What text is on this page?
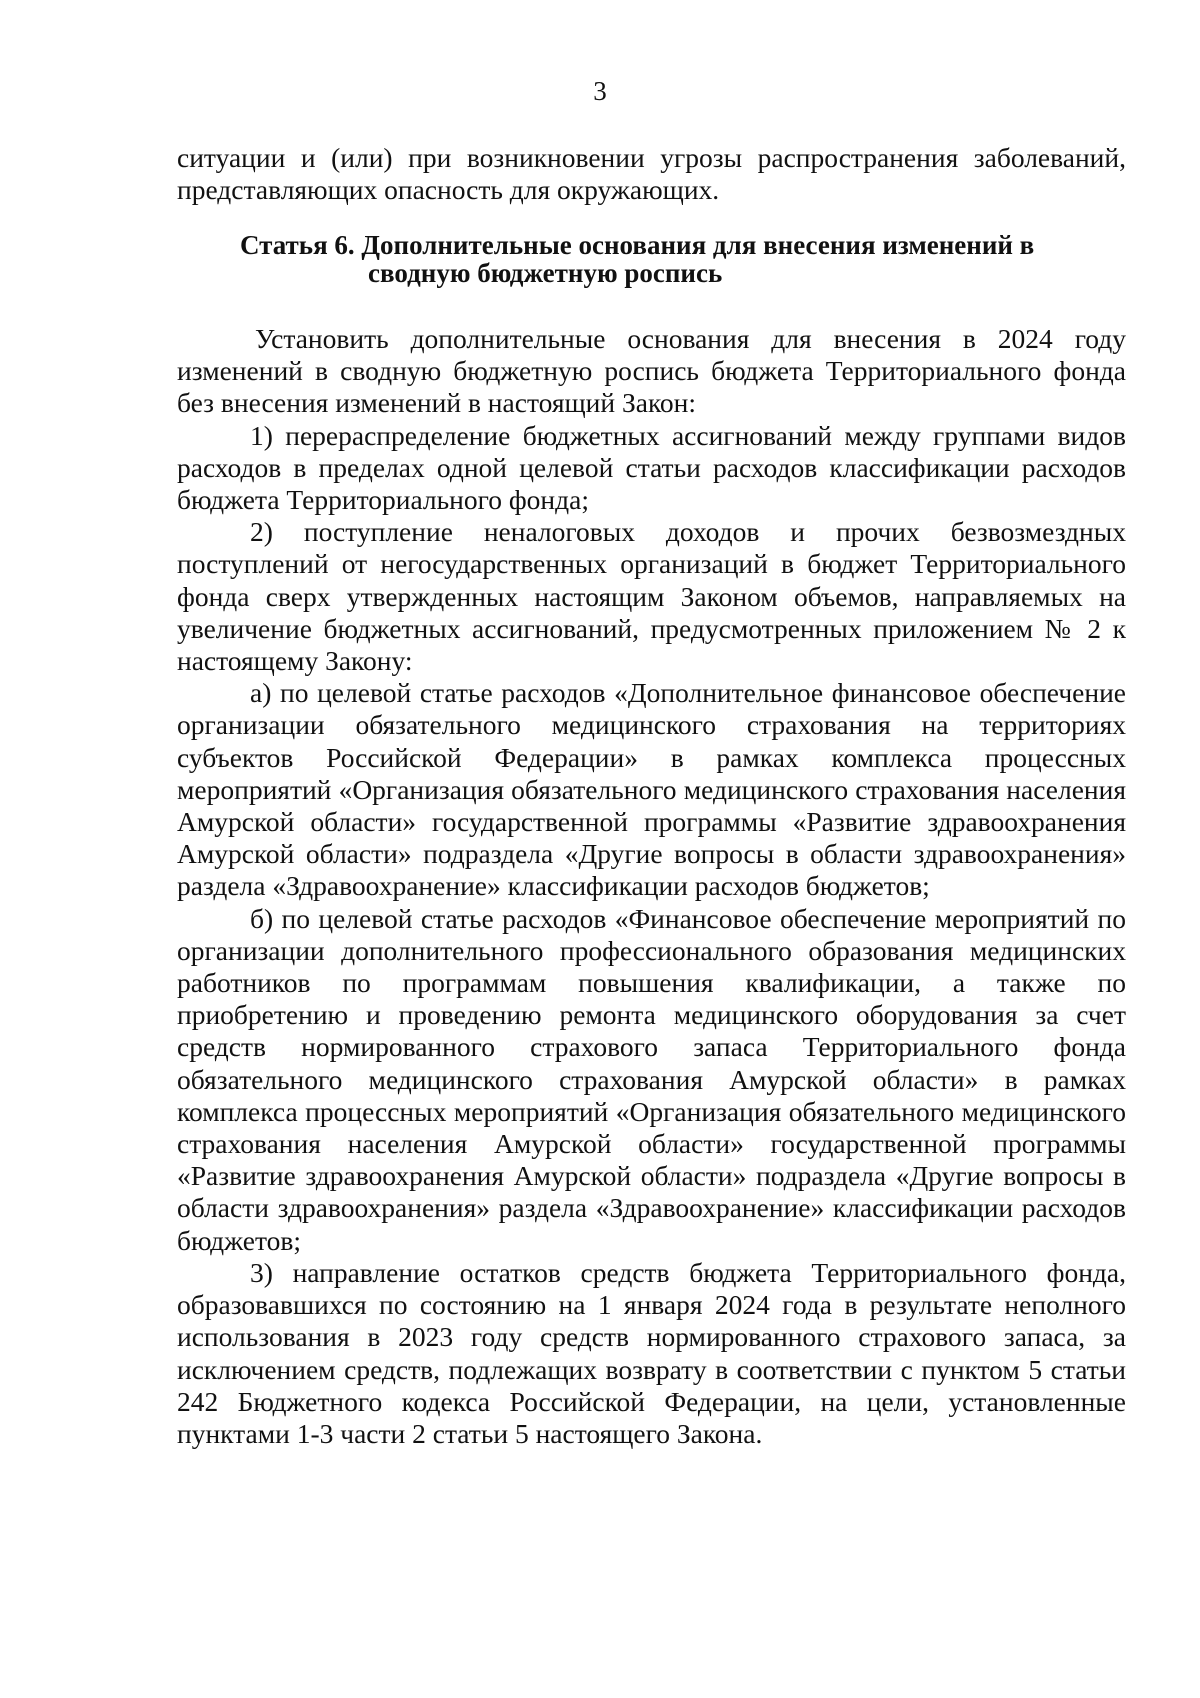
3
ситуации и (или) при возникновении угрозы распространения заболеваний, представляющих опасность для окружающих.
Статья 6. Дополнительные основания для внесения изменений в
сводную бюджетную роспись

Установить дополнительные основания для внесения в 2024 году изменений в сводную бюджетную роспись бюджета Территориального фонда без внесения изменений в настоящий Закон:

1) перераспределение бюджетных ассигнований между группами видов расходов в пределах одной целевой статьи расходов классификации расходов бюджета Территориального фонда;

2) поступление неналоговых доходов и прочих безвозмездных поступлений от негосударственных организаций в бюджет Территориального фонда сверх утвержденных настоящим Законом объемов, направляемых на увеличение бюджетных ассигнований, предусмотренных приложением № 2 к настоящему Закону:

а) по целевой статье расходов «Дополнительное финансовое обеспечение организации обязательного медицинского страхования на территориях субъектов Российской Федерации» в рамках комплекса процессных мероприятий «Организация обязательного медицинского страхования населения Амурской области» государственной программы «Развитие здравоохранения Амурской области» подраздела «Другие вопросы в области здравоохранения» раздела «Здравоохранение» классификации расходов бюджетов;

б) по целевой статье расходов «Финансовое обеспечение мероприятий по организации дополнительного профессионального образования медицинских работников по программам повышения квалификации, а также по приобретению и проведению ремонта медицинского оборудования за счет средств нормированного страхового запаса Территориального фонда обязательного медицинского страхования Амурской области» в рамках комплекса процессных мероприятий «Организация обязательного медицинского страхования населения Амурской области» государственной программы «Развитие здравоохранения Амурской области» подраздела «Другие вопросы в области здравоохранения» раздела «Здравоохранение» классификации расходов бюджетов;

3) направление остатков средств бюджета Территориального фонда, образовавшихся по состоянию на 1 января 2024 года в результате неполного использования в 2023 году средств нормированного страхового запаса, за исключением средств, подлежащих возврату в соответствии с пунктом 5 статьи 242 Бюджетного кодекса Российской Федерации, на цели, установленные пунктами 1-3 части 2 статьи 5 настоящего Закона.
